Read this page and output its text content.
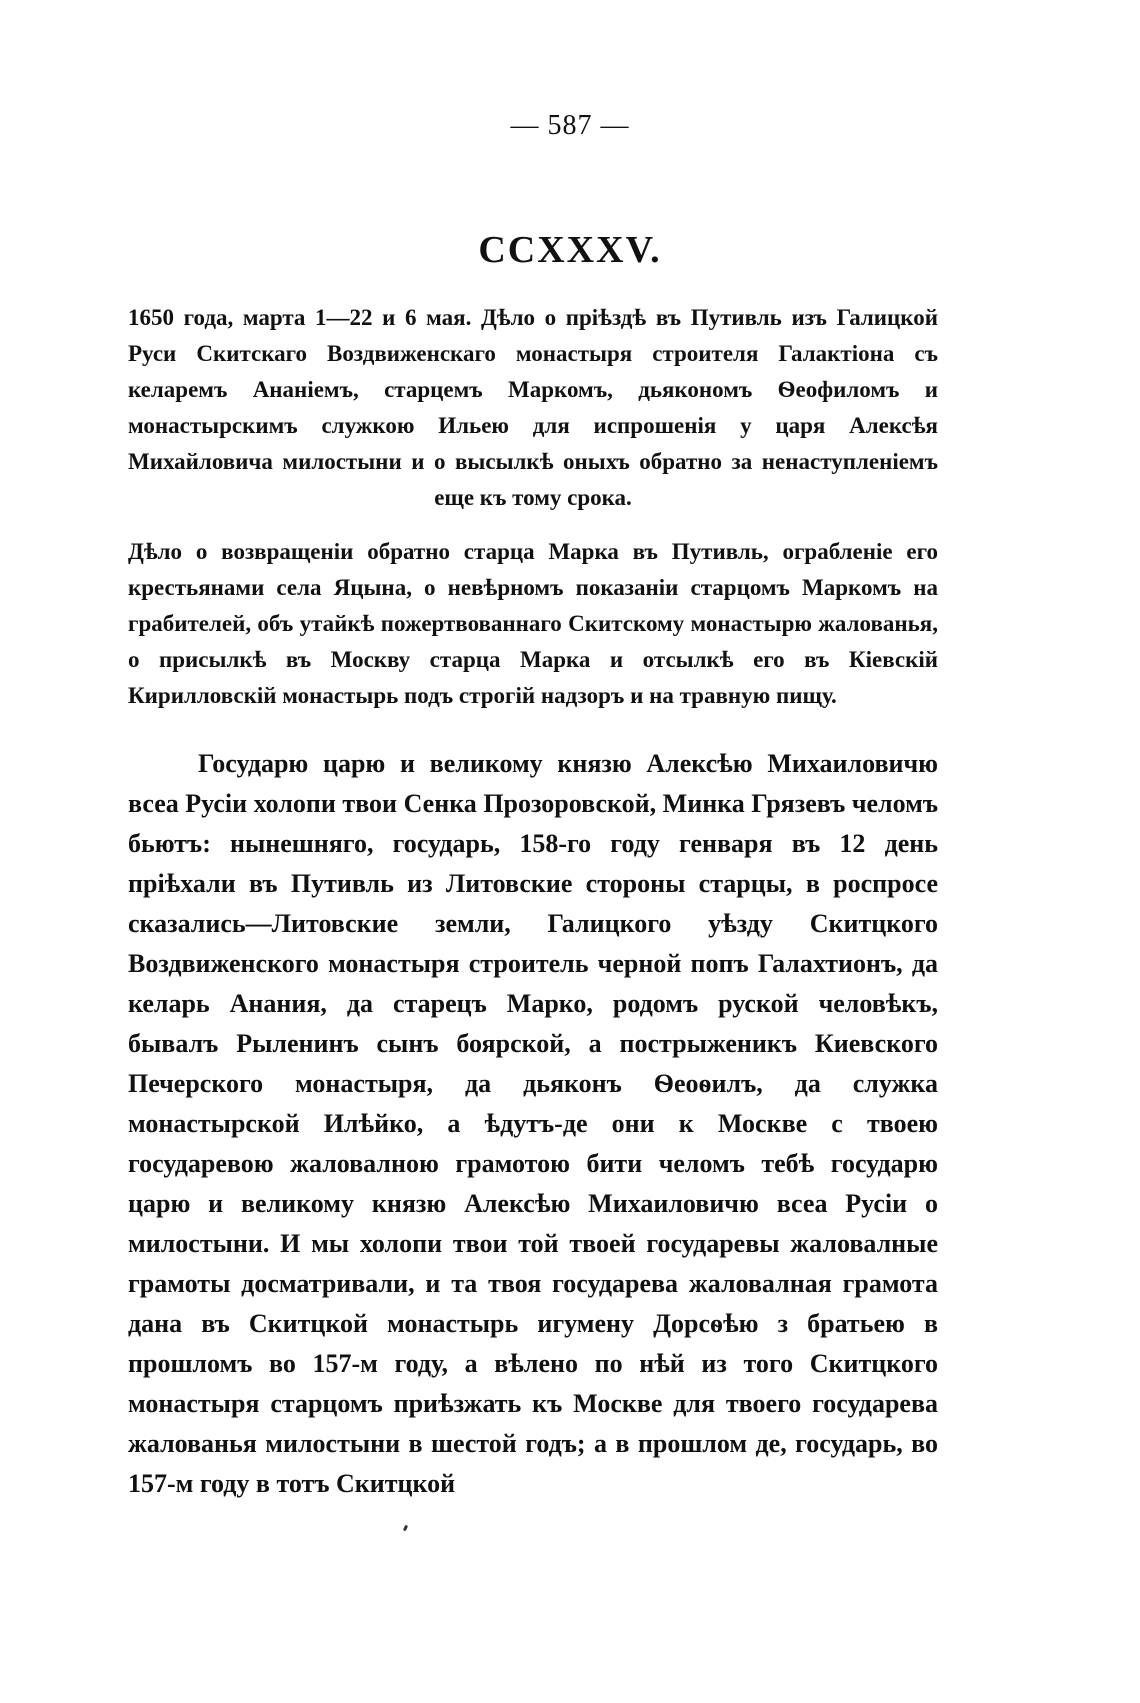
— 587 —
CCXXXV.
1650 года, марта 1—22 и 6 мая. Дѣло о пріѣздѣ въ Путивль изъ Галицкой Руси Скитскаго Воздвиженскаго монастыря строителя Галактіона съ келаремъ Ананіемъ, старцемъ Маркомъ, дьякономъ Ѳеофиломъ и монастырскимъ служкою Ильею для испрошенія у царя Алексѣя Михайловича милостыни и о высылкѣ оныхъ обратно за ненаступленіемъ еще къ тому срока.
Дѣло о возвращеніи обратно старца Марка въ Путивль, ограбленіе его крестьянами села Яцына, о невѣрномъ показаніи старцомъ Маркомъ на грабителей, объ утайкѣ пожертвованнаго Скитскому монастырю жалованья, о присылкѣ въ Москву старца Марка и отсылкѣ его въ Кіевскій Кирилловскій монастырь подъ строгій надзоръ и на травную пищу.
Государю царю и великому князю Алексѣю Михаиловичю всеа Русіи холопи твои Сенка Прозоровской, Минка Грязевъ челомъ бьютъ: нынешняго, государь, 158-го году генваря въ 12 день пріѣхали въ Путивль из Литовские стороны старцы, в роспросе сказались—Литовские земли, Галицкого уѣзду Скитцкого Воздвиженского монастыря строитель черной попъ Галахтионъ, да келарь Анания, да старецъ Марко, родомъ руской человѣкъ, бывалъ Рыленинъ сынъ боярской, а пострыженикъ Киевского Печерского монастыря, да дьяконъ Ѳеоѳилъ, да служка монастырской Илѣйко, а ѣдутъ-де они к Москве с твоею государевою жаловалною грамотою бити челомъ тебѣ государю царю и великому князю Алексѣю Михаиловичю всеа Русіи о милостыни. И мы холопи твои той твоей государевы жаловалные грамоты досматривали, и та твоя государева жаловалная грамота дана въ Скитцкой монастырь игумену Дорсѳѣю з братьею в прошломъ во 157-м году, а вѣлено по нѣй из того Скитцкого монастыря старцомъ приѣзжать къ Москве для твоего государева жалованья милостыни в шестой годъ; а в прошлом де, государь, во 157-м году в тотъ Скитцкой
